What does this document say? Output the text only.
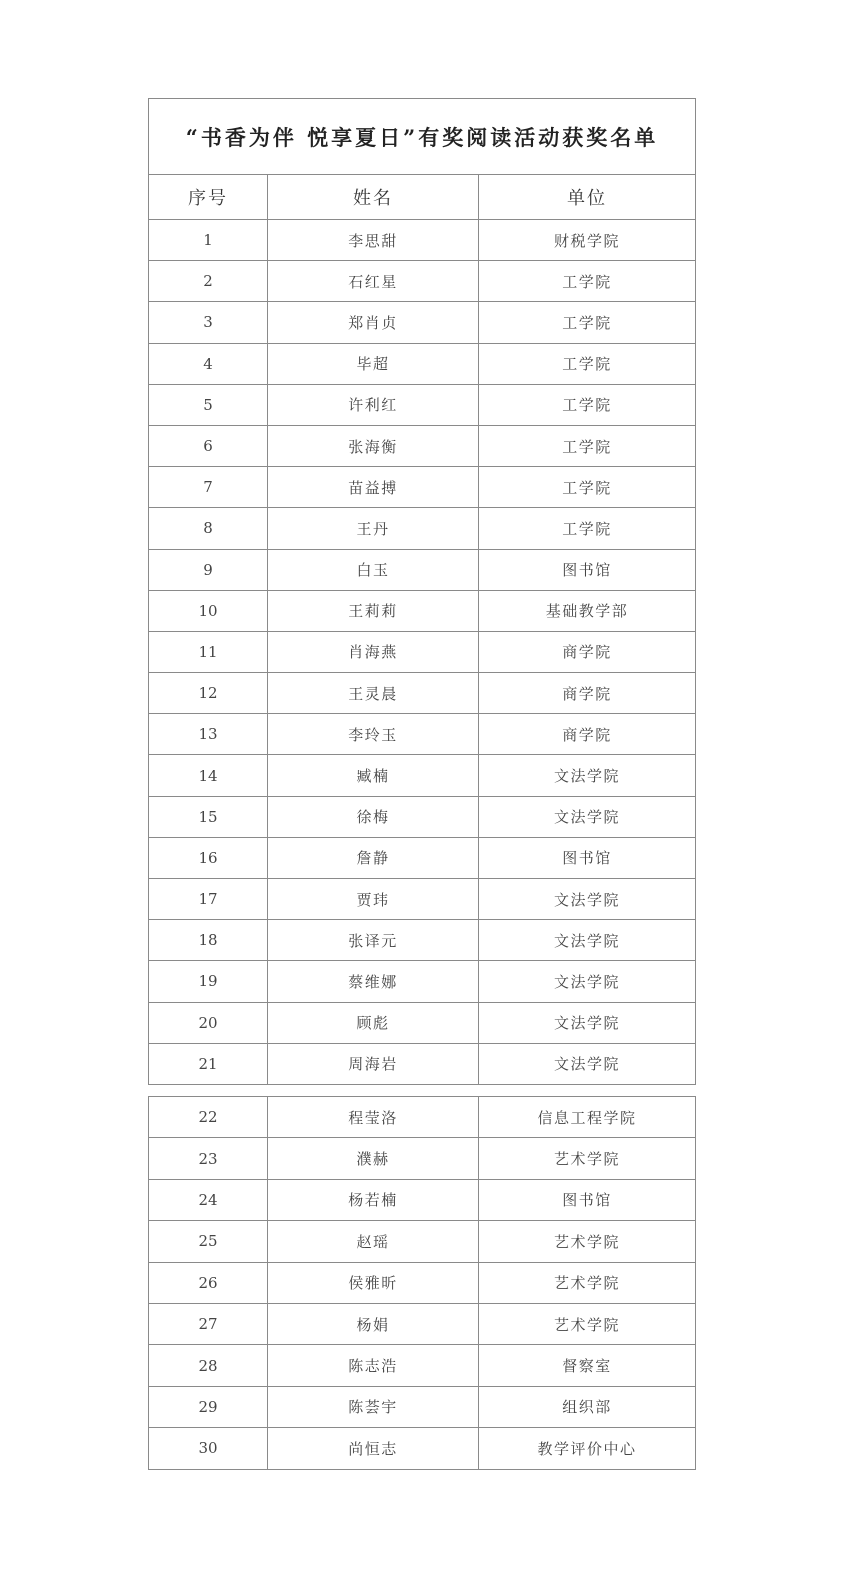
“书香为伴 悦享夏日”有奖阅读活动获奖名单		
序号	姓名	单位
1	李思甜	财税学院
2	石红星	工学院
3	郑肖贞	工学院
4	毕超	工学院
5	许利红	工学院
6	张海衡	工学院
7	苗益搏	工学院
8	王丹	工学院
9	白玉	图书馆
10	王莉莉	基础教学部
11	肖海燕	商学院
12	王灵晨	商学院
13	李玲玉	商学院
14	臧楠	文法学院
15	徐梅	文法学院
16	詹静	图书馆
17	贾玮	文法学院
18	张译元	文法学院
19	蔡维娜	文法学院
20	顾彪	文法学院
21	周海岩	文法学院
22	程莹洛	信息工程学院
23	濮赫	艺术学院
24	杨若楠	图书馆
25	赵瑶	艺术学院
26	侯雅昕	艺术学院
27	杨娟	艺术学院
28	陈志浩	督察室
29	陈荟宇	组织部
30	尚恒志	教学评价中心
